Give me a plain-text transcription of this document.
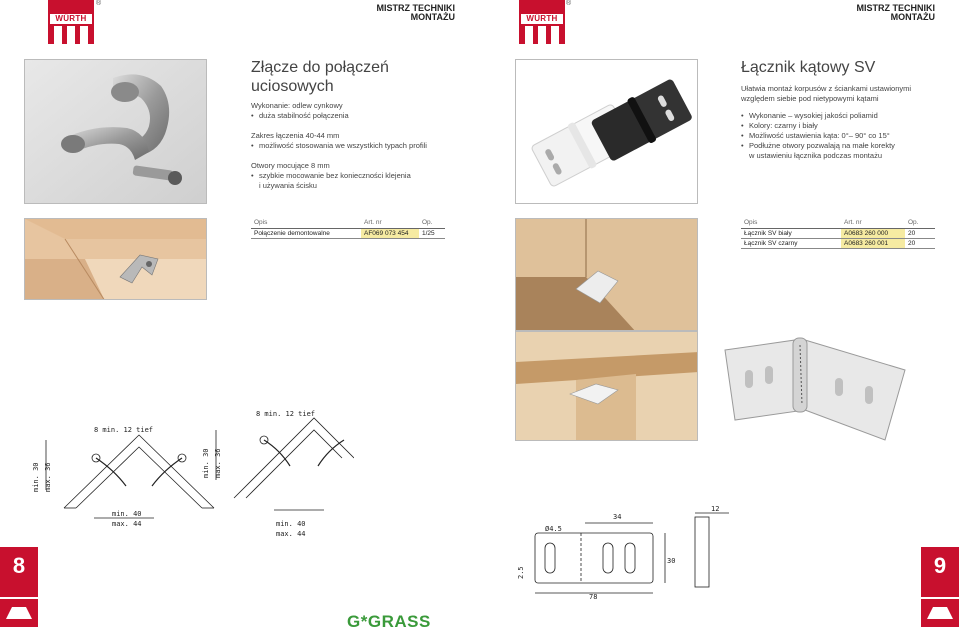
WÜRTH
®	MISTRZ TECHNIKI
MONTAŻU	WÜRTH
®	MISTRZ TECHNIKI
MONTAŻU
Złącze do połączeń
uciosowych
Wykonanie: odlew cynkowy
• duża stabilność połączenia
Zakres łączenia 40-44 mm
• możliwość stosowania we wszystkich typach profili
Otwory mocujące 8 mm
• szybkie mocowanie bez konieczności klejenia
i używania ścisku
Opis	Art. nr	Op.
Połączenie demontowalne	AF069 073 454	1/25
8 min. 12 tief
min. 30 max. 36
min. 40
max. 44
8 min. 12 tief
min. 30 max. 36
min. 40
max. 44
8
Łącznik kątowy SV
Ułatwia montaż korpusów z ściankami ustawionymi
względem siebie pod nietypowymi kątami
• Wykonanie – wysokiej jakości poliamid
• Kolory: czarny i biały
• Możliwość ustawienia kąta: 0°– 90° co 15°
• Podłużne otwory pozwalają na małe korekty
w ustawieniu łącznika podczas montażu
Opis	Art. nr	Op.
Łącznik SV biały	A0683 260 000	20
Łącznik SV czarny	A0683 260 001	20
34
78
30
12
Ø4.5
2.5	9
G*GRASS
